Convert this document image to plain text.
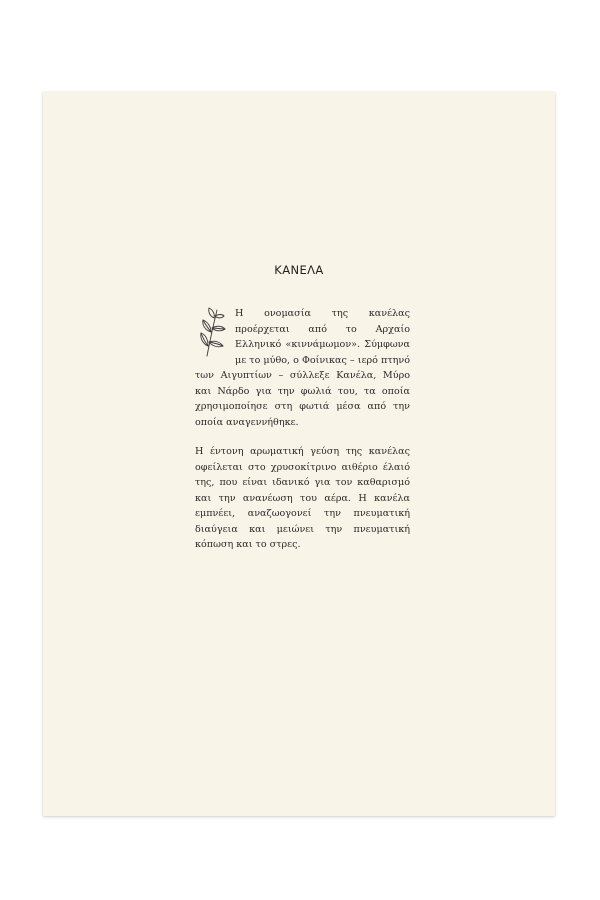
ΚΑΝΕΛΑ

Η ονομασία της κανέλας προέρχεται από το Αρχαίο Ελληνικό «κιννάμωμον». Σύμφωνα με το μύθο, ο Φοίνικας – ιερό πτηνό των Αιγυπτίων – σύλλεξε Κανέλα, Μύρο και Νάρδο για την φωλιά του, τα οποία χρησιμοποίησε στη φωτιά μέσα από την οποία αναγεννήθηκε.

Η έντονη αρωματική γεύση της κανέλας οφείλεται στο χρυσοκίτρινο αιθέριο έλαιό της, που είναι ιδανικό για τον καθαρισμό και την ανανέωση του αέρα. Η κανέλα εμπνέει, αναζωογονεί την πνευματική διαύγεια και μειώνει την πνευματική κόπωση και το στρες.
